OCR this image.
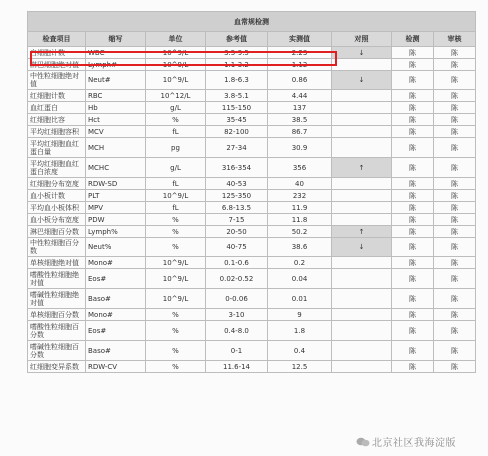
血常规检测							
检查项目	缩写	单位	参考值	实测值	对照	检测	审核
白细胞计数	WBC	10^9/L	3.5-9.5	2.23	↓	陈	陈
淋巴细胞绝对值	Lymph#	10^9/L	1.1-3.2	1.12		陈	陈
中性粒细胞绝对值	Neut#	10^9/L	1.8-6.3	0.86	↓	陈	陈
红细胞计数	RBC	10^12/L	3.8-5.1	4.44		陈	陈
血红蛋白	Hb	g/L	115-150	137		陈	陈
红细胞比容	Hct	%	35-45	38.5		陈	陈
平均红细胞容积	MCV	fL	82-100	86.7		陈	陈
平均红细胞血红蛋白量	MCH	pg	27-34	30.9		陈	陈
平均红细胞血红蛋白浓度	MCHC	g/L	316-354	356	↑	陈	陈
红细胞分布宽度	RDW-SD	fL	40-53	40		陈	陈
血小板计数	PLT	10^9/L	125-350	232		陈	陈
平均血小板体积	MPV	fL	6.8-13.5	11.9		陈	陈
血小板分布宽度	PDW	%	7-15	11.8		陈	陈
淋巴细胞百分数	Lymph%	%	20-50	50.2	↑	陈	陈
中性粒细胞百分数	Neut%	%	40-75	38.6	↓	陈	陈
单核细胞绝对值	Mono#	10^9/L	0.1-0.6	0.2		陈	陈
嗜酸性粒细胞绝对值	Eos#	10^9/L	0.02-0.52	0.04		陈	陈
嗜碱性粒细胞绝对值	Baso#	10^9/L	0-0.06	0.01		陈	陈
单核细胞百分数	Mono#	%	3-10	9		陈	陈
嗜酸性粒细胞百分数	Eos#	%	0.4-8.0	1.8		陈	陈
嗜碱性粒细胞百分数	Baso#	%	0-1	0.4		陈	陈
红细胞变异系数	RDW-CV	%	11.6-14	12.5		陈	陈
北京社区我海淀版
